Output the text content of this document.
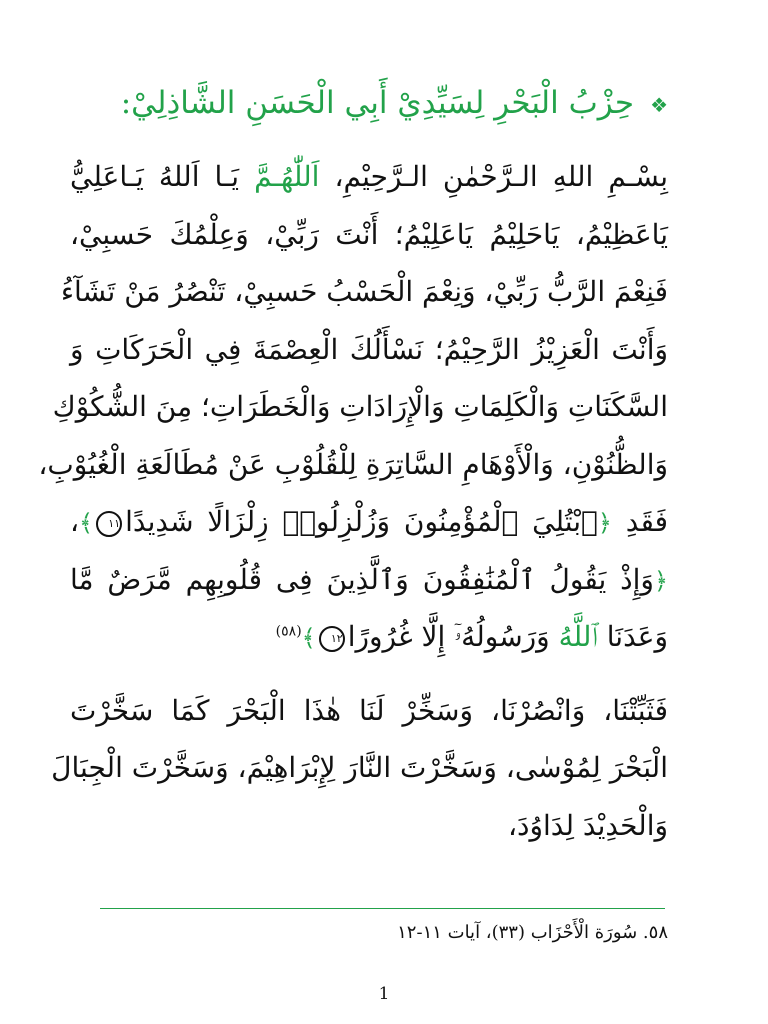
❖حِزْبُ الْبَحْرِ لِسَيِّدِيْ أَبِي الْحَسَنِ الشَّاذِلِيْ:
بِسْـمِ اللهِ الـرَّحْمٰنِ الـرَّحِيْمِ، اَللّٰهُـمَّ يَـا اَللهُ يَـاعَلِيُّ
يَاعَظِيْمُ، يَاحَلِيْمُ يَاعَلِيْمُ؛ أَنْتَ رَبِّيْ، وَعِلْمُكَ حَسبِيْ،
فَنِعْمَ الرَّبُّ رَبِّيْ، وَنِعْمَ الْحَسْبُ حَسبِيْ، تَنْصُرُ مَنْ تَشَآءُ
وَأَنْتَ الْعَزِيْزُ الرَّحِيْمُ؛ نَسْأَلُكَ الْعِصْمَةَ فِي الْحَرَكَاتِ وَ
السَّكَنَاتِ وَالْكَلِمَاتِ وَالْإِرَادَاتِ وَالْخَطَرَاتِ؛ مِنَ الشُّكُوْكِ
وَالظُّنُوْنِ، وَالْأَوْهَامِ السَّاتِرَةِ لِلْقُلُوْبِ عَنْ مُطَالَعَةِ الْغُيُوْبِ،
فَقَدِ ﴿ٱبْتُلِيَ ٱلْمُؤْمِنُونَ وَزُلْزِلُوا۟ زِلْزَالًا شَدِيدًا١١﴾،
﴿وَإِذْ يَقُولُ ٱلْمُنَٰفِقُونَ وَٱلَّذِينَ فِى قُلُوبِهِم مَّرَضٌ مَّا
وَعَدَنَا ٱللَّهُ وَرَسُولُهُۥٓ إِلَّا غُرُورًا١٢﴾$^{(٥٨)}$
فَثَبِّتْنَا، وَانْصُرْنَا، وَسَخِّرْ لَنَا هٰذَا الْبَحْرَ كَمَا سَخَّرْتَ
الْبَحْرَ لِمُوْسٰى، وَسَخَّرْتَ النَّارَ لِإِبْرَاهِيْمَ، وَسَخَّرْتَ الْجِبَالَ
وَالْحَدِيْدَ لِدَاوُدَ،
٥٨. سُورَة الْأَحْزَاب (٣٣)، آيات ١١-١٢
1
